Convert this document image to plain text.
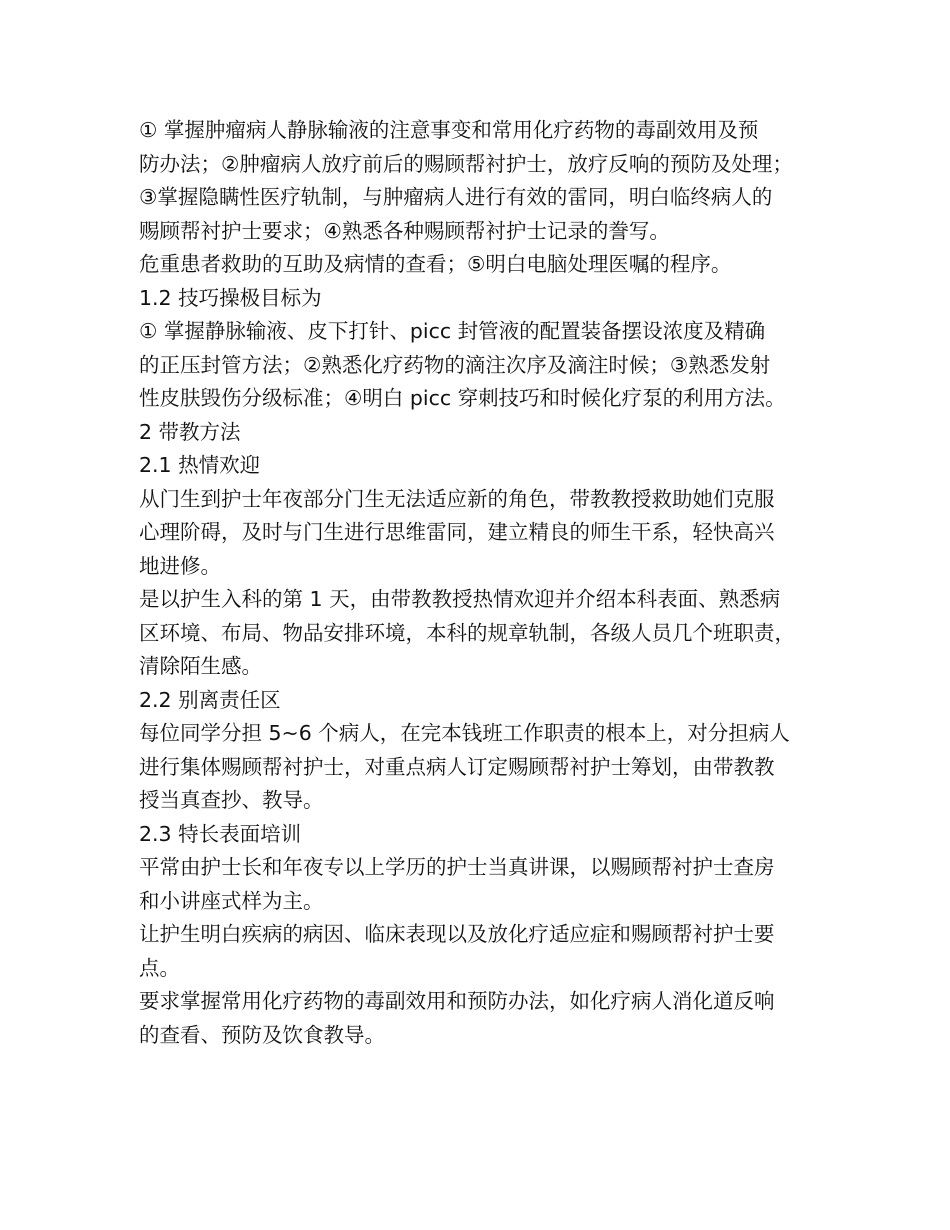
① 掌握肿瘤病人静脉输液的注意事变和常用化疗药物的毒副效用及预
防办法；②肿瘤病人放疗前后的赐顾帮衬护士，放疗反响的预防及处理；
③掌握隐瞒性医疗轨制，与肿瘤病人进行有效的雷同，明白临终病人的
赐顾帮衬护士要求；④熟悉各种赐顾帮衬护士记录的誊写。
危重患者救助的互助及病情的查看；⑤明白电脑处理医嘱的程序。
1.2 技巧操极目标为
① 掌握静脉输液、皮下打针、picc 封管液的配置装备摆设浓度及精确
的正压封管方法；②熟悉化疗药物的滴注次序及滴注时候；③熟悉发射
性皮肤毁伤分级标准；④明白 picc 穿刺技巧和时候化疗泵的利用方法。
2 带教方法
2.1 热情欢迎
从门生到护士年夜部分门生无法适应新的角色，带教教授救助她们克服
心理阶碍，及时与门生进行思维雷同，建立精良的师生干系，轻快高兴
地进修。
是以护生入科的第 1 天，由带教教授热情欢迎并介绍本科表面、熟悉病
区环境、布局、物品安排环境，本科的规章轨制，各级人员几个班职责，
清除陌生感。
2.2 别离责任区
每位同学分担 5~6 个病人，在完本钱班工作职责的根本上，对分担病人
进行集体赐顾帮衬护士，对重点病人订定赐顾帮衬护士筹划，由带教教
授当真查抄、教导。
2.3 特长表面培训
平常由护士长和年夜专以上学历的护士当真讲课，以赐顾帮衬护士查房
和小讲座式样为主。
让护生明白疾病的病因、临床表现以及放化疗适应症和赐顾帮衬护士要
点。
要求掌握常用化疗药物的毒副效用和预防办法，如化疗病人消化道反响
的查看、预防及饮食教导。
